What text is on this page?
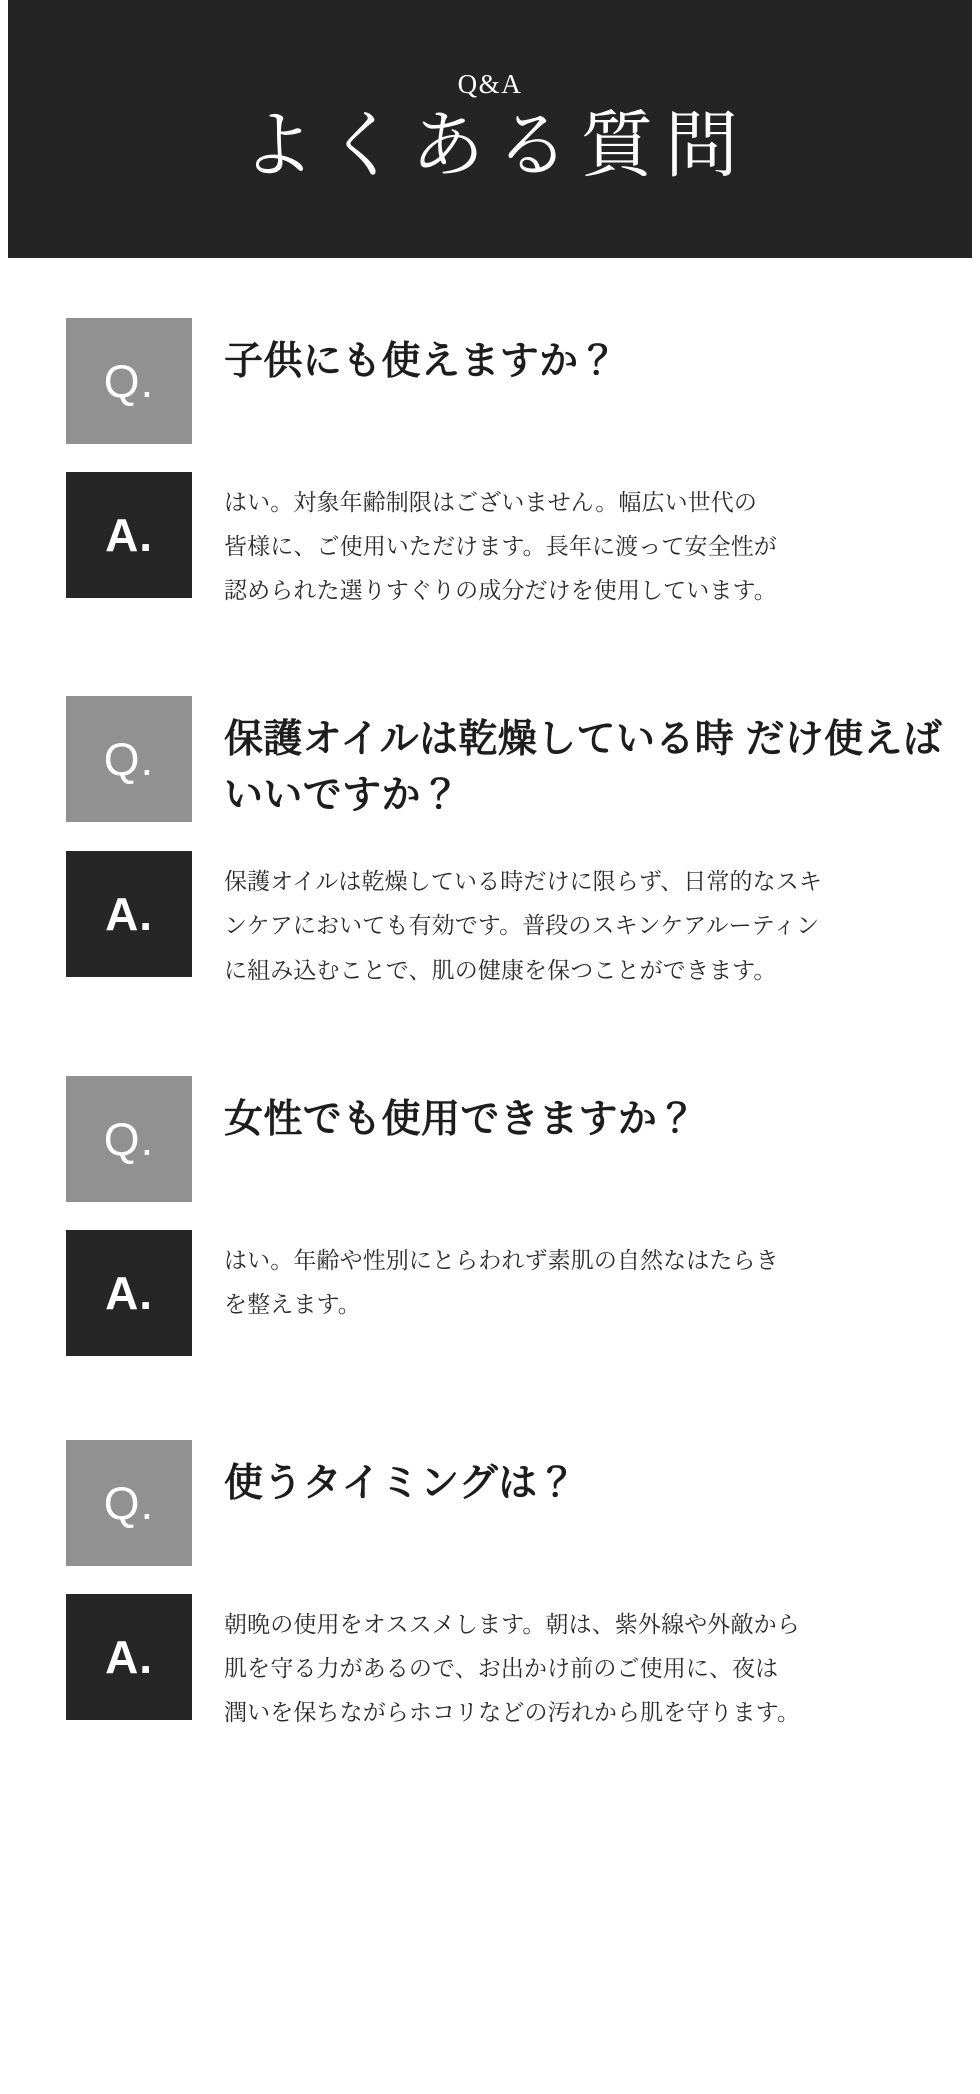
Q&A
よくある質問
Q.	子供にも使えますか？
A.
はい。対象年齢制限はございません。幅広い世代の
皆様に、ご使用いただけます。長年に渡って安全性が
認められた選りすぐりの成分だけを使用しています。
Q.	保護オイルは乾燥している時 だけ使えばいいですか？
A.
保護オイルは乾燥している時だけに限らず、日常的なスキ
ンケアにおいても有効です。普段のスキンケアルーティン
に組み込むことで、肌の健康を保つことができます。
Q.	女性でも使用できますか？
A.
はい。年齢や性別にとらわれず素肌の自然なはたらき
を整えます。
Q.	使うタイミングは？
A.
朝晩の使用をオススメします。朝は、紫外線や外敵から
肌を守る力があるので、お出かけ前のご使用に、夜は
潤いを保ちながらホコリなどの汚れから肌を守ります。
